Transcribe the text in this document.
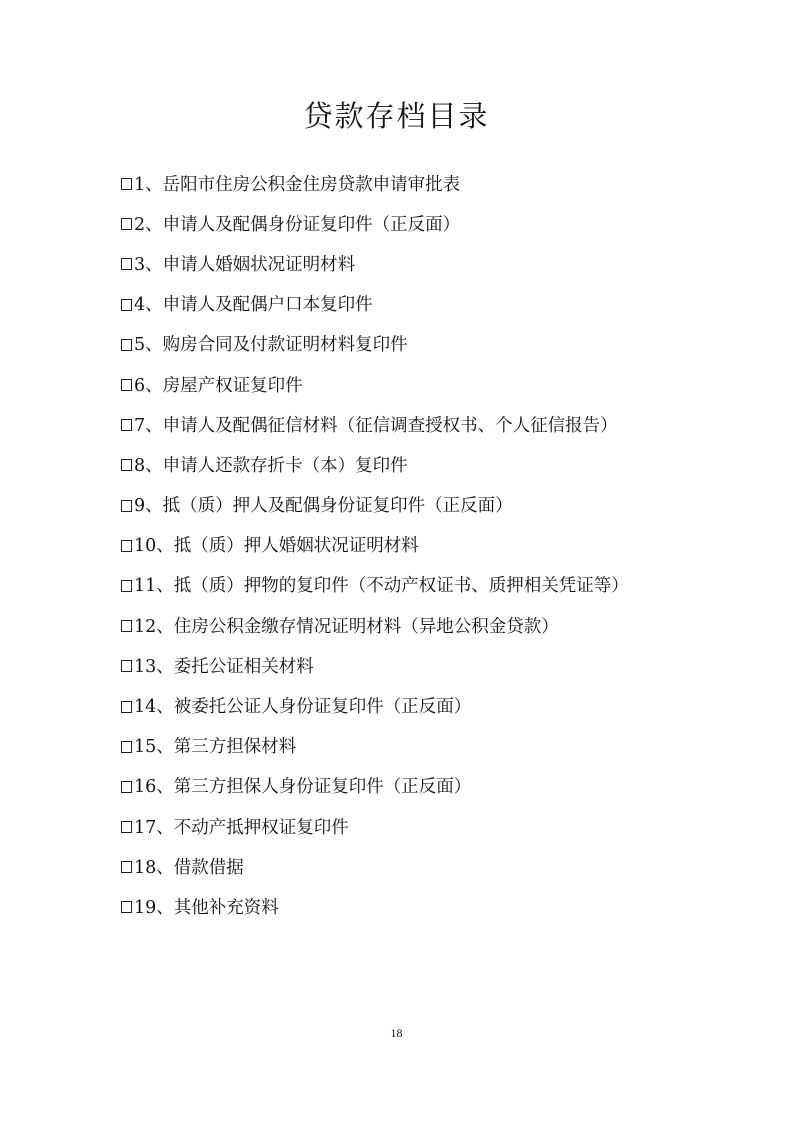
贷款存档目录
1、岳阳市住房公积金住房贷款申请审批表
2、申请人及配偶身份证复印件（正反面）
3、申请人婚姻状况证明材料
4、申请人及配偶户口本复印件
5、购房合同及付款证明材料复印件
6、房屋产权证复印件
7、申请人及配偶征信材料（征信调查授权书、个人征信报告）
8、申请人还款存折卡（本）复印件
9、抵（质）押人及配偶身份证复印件（正反面）
10、抵（质）押人婚姻状况证明材料
11、抵（质）押物的复印件（不动产权证书、质押相关凭证等）
12、住房公积金缴存情况证明材料（异地公积金贷款）
13、委托公证相关材料
14、被委托公证人身份证复印件（正反面）
15、第三方担保材料
16、第三方担保人身份证复印件（正反面）
17、不动产抵押权证复印件
18、借款借据
19、其他补充资料
18
